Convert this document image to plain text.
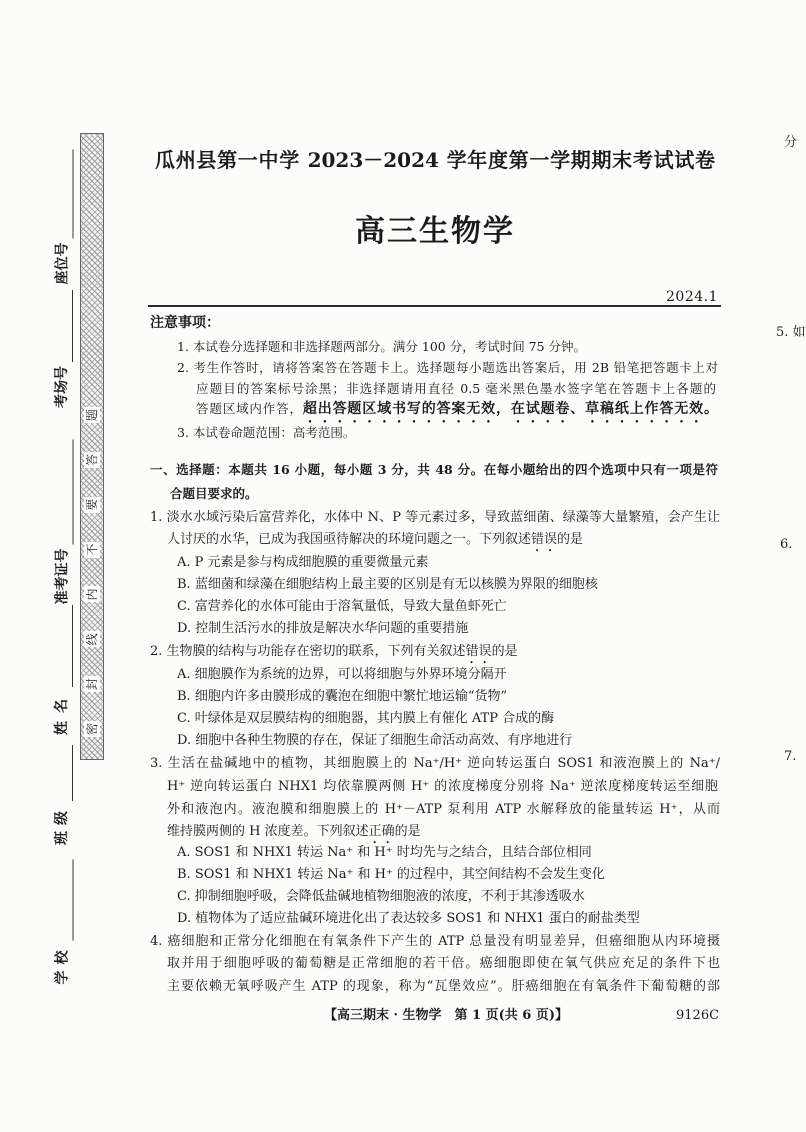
座位号
考场号
准考证号
姓名
班级
学校
密
封
线
内
不
要
答
题
瓜州县第一中学 2023－2024 学年度第一学期期末考试试卷
高三生物学
2024.1
注意事项：
1. 本试卷分选择题和非选择题两部分。满分 100 分，考试时间 75 分钟。
2. 考生作答时，请将答案答在答题卡上。选择题每小题选出答案后，用 2B 铅笔把答题卡上对
应题目的答案标号涂黑；非选择题请用直径 0.5 毫米黑色墨水签字笔在答题卡上各题的
答题区域内作答，超出答题区域书写的答案无效，在试题卷、草稿纸上作答无效。
3. 本试卷命题范围：高考范围。
一、选择题：本题共 16 小题，每小题 3 分，共 48 分。在每小题给出的四个选项中只有一项是符
合题目要求的。
1. 淡水水域污染后富营养化，水体中 N、P 等元素过多，导致蓝细菌、绿藻等大量繁殖，会产生让
人讨厌的水华，已成为我国亟待解决的环境问题之一。下列叙述错误的是
A. P 元素是参与构成细胞膜的重要微量元素
B. 蓝细菌和绿藻在细胞结构上最主要的区别是有无以核膜为界限的细胞核
C. 富营养化的水体可能由于溶氧量低，导致大量鱼虾死亡
D. 控制生活污水的排放是解决水华问题的重要措施
2. 生物膜的结构与功能存在密切的联系，下列有关叙述错误的是
A. 细胞膜作为系统的边界，可以将细胞与外界环境分隔开
B. 细胞内许多由膜形成的囊泡在细胞中繁忙地运输“货物”
C. 叶绿体是双层膜结构的细胞器，其内膜上有催化 ATP 合成的酶
D. 细胞中各种生物膜的存在，保证了细胞生命活动高效、有序地进行
3. 生活在盐碱地中的植物，其细胞膜上的 Na⁺/H⁺ 逆向转运蛋白 SOS1 和液泡膜上的 Na⁺/
H⁺ 逆向转运蛋白 NHX1 均依靠膜两侧 H⁺ 的浓度梯度分别将 Na⁺ 逆浓度梯度转运至细胞
外和液泡内。液泡膜和细胞膜上的 H⁺－ATP 泵利用 ATP 水解释放的能量转运 H⁺，从而
维持膜两侧的 H 浓度差。下列叙述正确的是
A. SOS1 和 NHX1 转运 Na⁺ 和 H⁺ 时均先与之结合，且结合部位相同
B. SOS1 和 NHX1 转运 Na⁺ 和 H⁺ 的过程中，其空间结构不会发生变化
C. 抑制细胞呼吸，会降低盐碱地植物细胞液的浓度，不利于其渗透吸水
D. 植物体为了适应盐碱环境进化出了表达较多 SOS1 和 NHX1 蛋白的耐盐类型
4. 癌细胞和正常分化细胞在有氧条件下产生的 ATP 总量没有明显差异，但癌细胞从内环境摄
取并用于细胞呼吸的葡萄糖是正常细胞的若干倍。癌细胞即使在氧气供应充足的条件下也
主要依赖无氧呼吸产生 ATP 的现象，称为“瓦堡效应”。肝癌细胞在有氧条件下葡萄糖的部
【高三期末 · 生物学　第 1 页(共 6 页)】	9126C
分
5. 如
6.
7.
